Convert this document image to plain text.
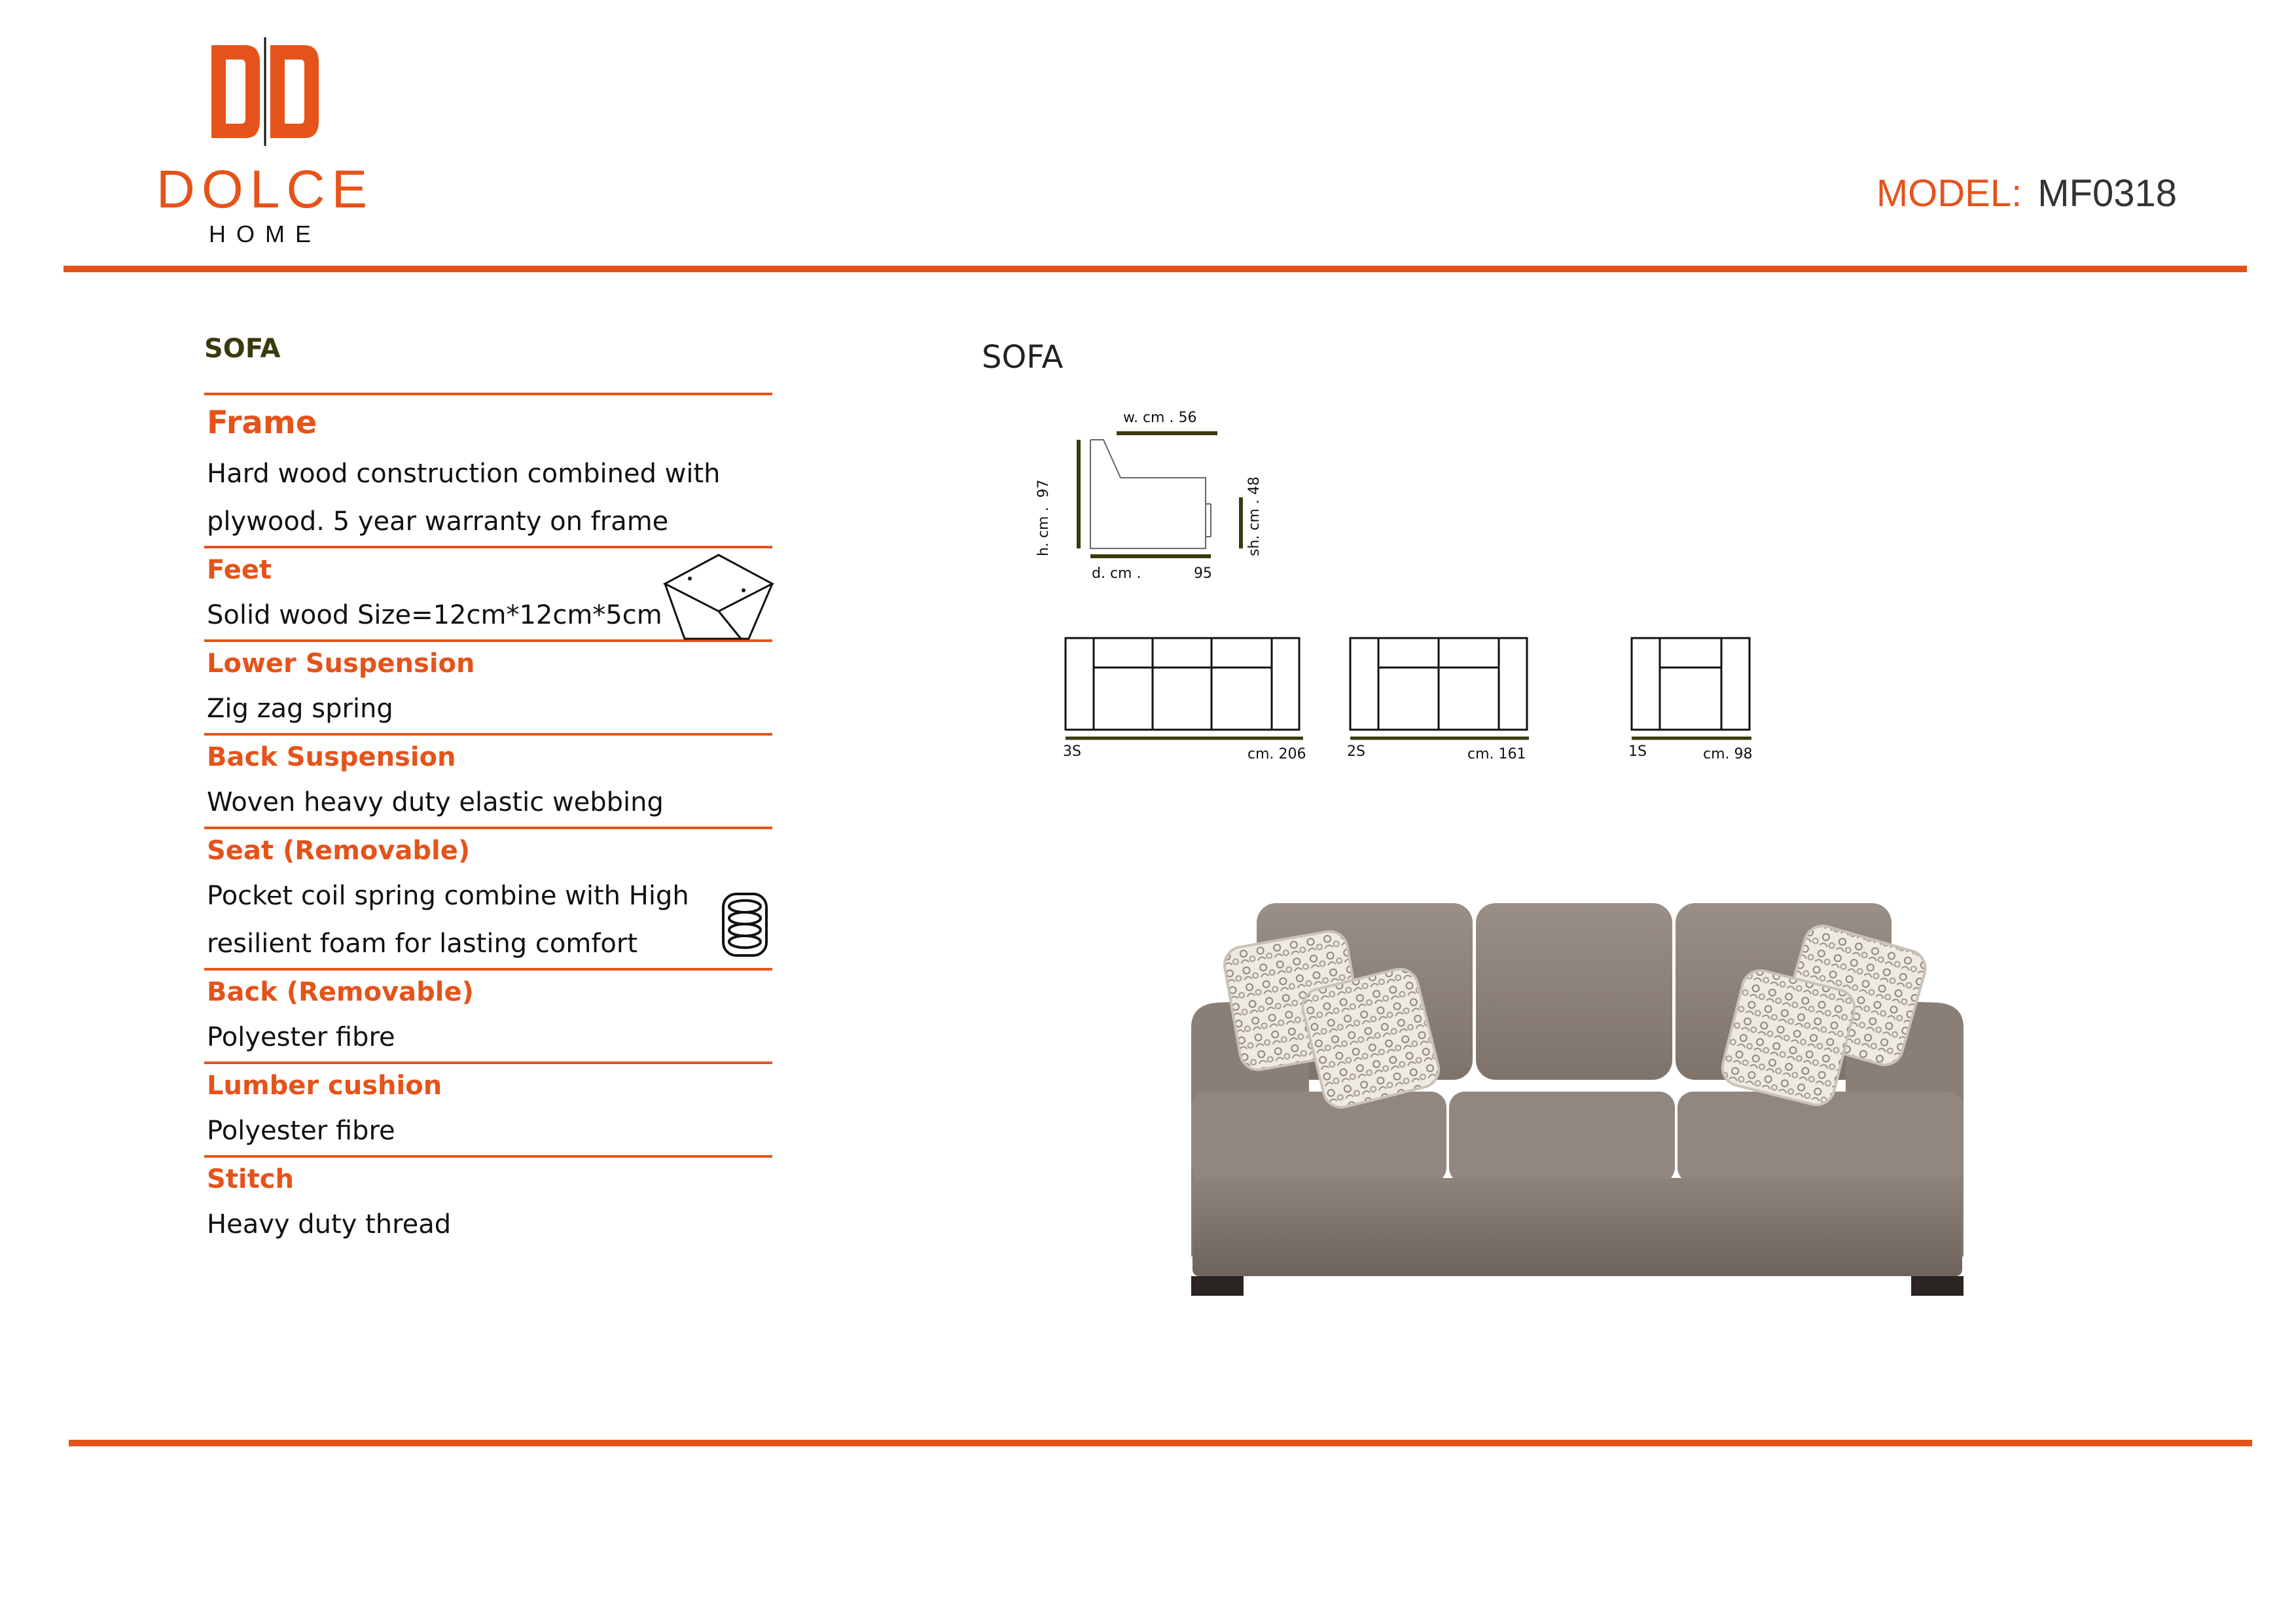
DOLCE
HOME
MODEL: MF0318
SOFA
Frame
Hard wood construction combined with
plywood. 5 year warranty on frame
Feet
Solid wood Size=12cm*12cm*5cm
Lower Suspension
Zig zag spring
Back Suspension
Woven heavy duty elastic webbing
Seat (Removable)
Pocket coil spring combine with High
resilient foam for lasting comfort
Back (Removable)
Polyester fibre
Lumber cushion
Polyester fibre
Stitch
Heavy duty thread
SOFA
w. cm . 56
h. cm .  97	sh. cm . 48
d. cm .	95
3S	cm. 206	2S	cm. 161	1S	cm. 98
